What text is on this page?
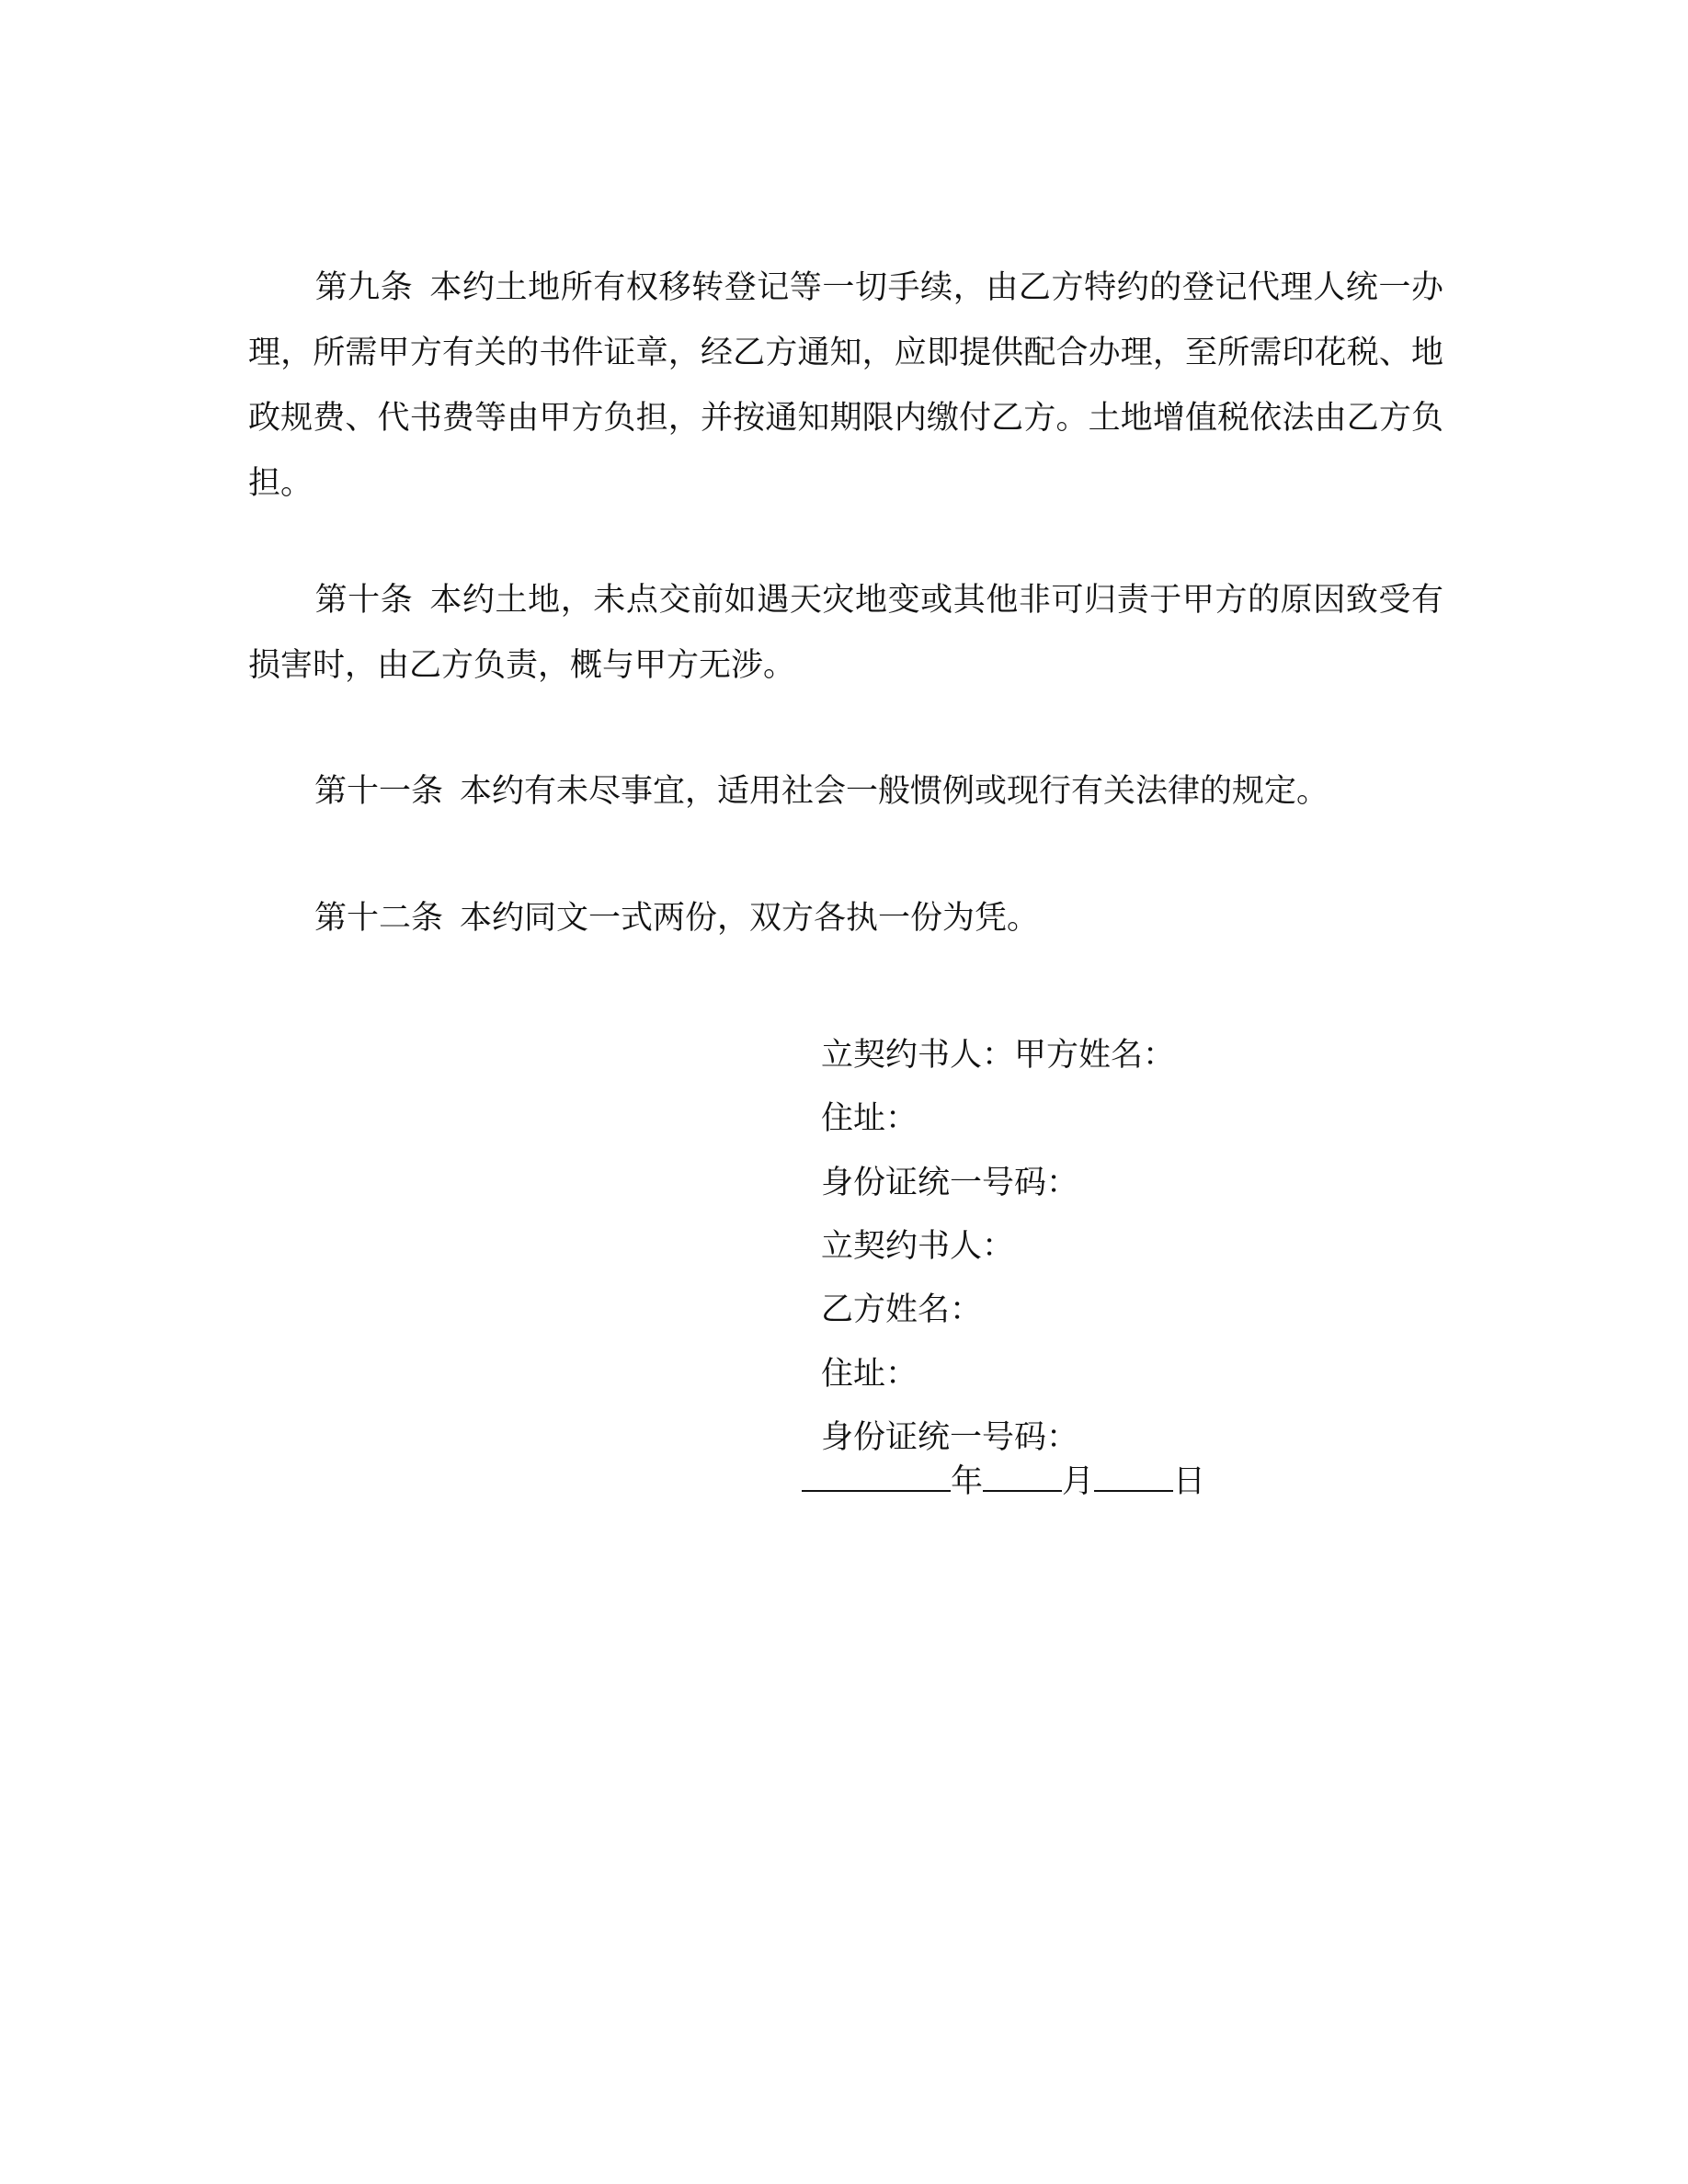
第九条 本约土地所有权移转登记等一切手续，由乙方特约的登记代理人统一办理，所需甲方有关的书件证章，经乙方通知，应即提供配合办理，至所需印花税、地政规费、代书费等由甲方负担，并按通知期限内缴付乙方。土地增值税依法由乙方负担。

第十条 本约土地，未点交前如遇天灾地变或其他非可归责于甲方的原因致受有损害时，由乙方负责，概与甲方无涉。

第十一条 本约有未尽事宜，适用社会一般惯例或现行有关法律的规定。

第十二条 本约同文一式两份，双方各执一份为凭。

立契约书人：甲方姓名：

住址：

身份证统一号码：

立契约书人：

乙方姓名：

住址：

身份证统一号码：

年 月 日
